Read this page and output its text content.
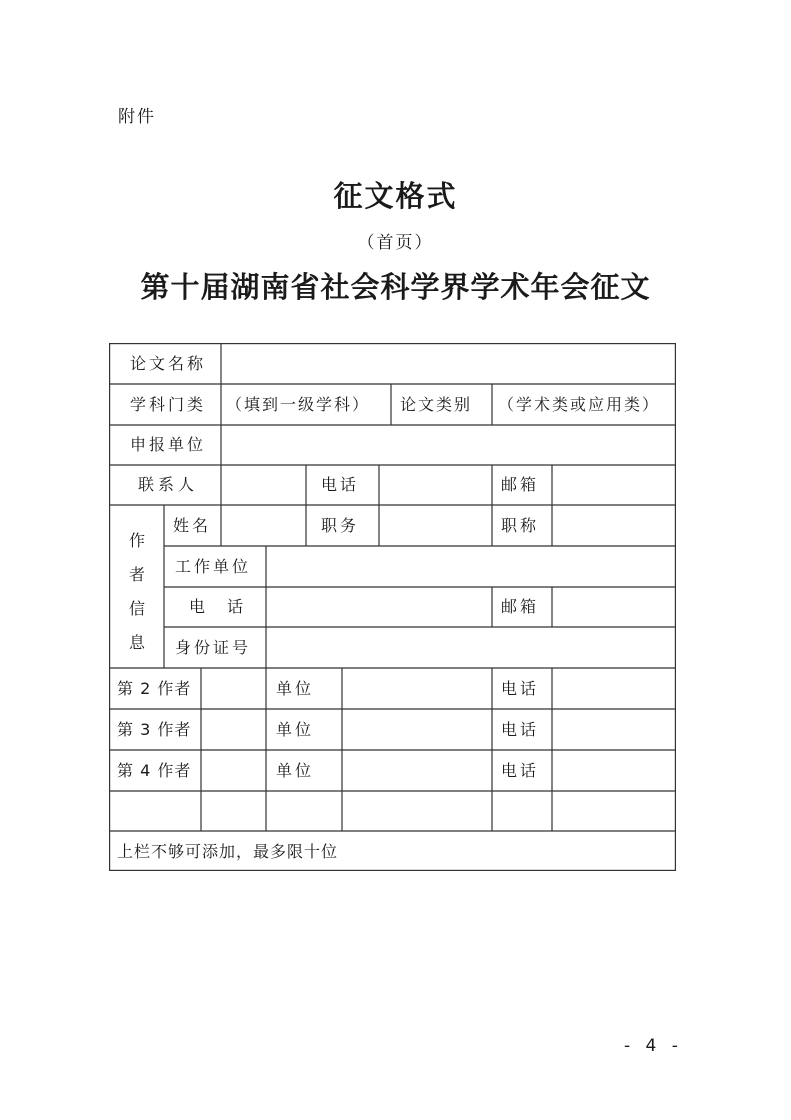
附件
征文格式
（首页）
第十届湖南省社会科学界学术年会征文
论文名称
学科门类 （填到一级学科） 论文类别 （学术类或应用类）
申报单位
联系人	电话	邮箱
作
者
信
息
姓名	职务	职称
工作单位
电　话	邮箱
身份证号
第 2 作者	单位	电话
第 3 作者	单位	电话
第 4 作者	单位	电话
上栏不够可添加，最多限十位
- 4 -
